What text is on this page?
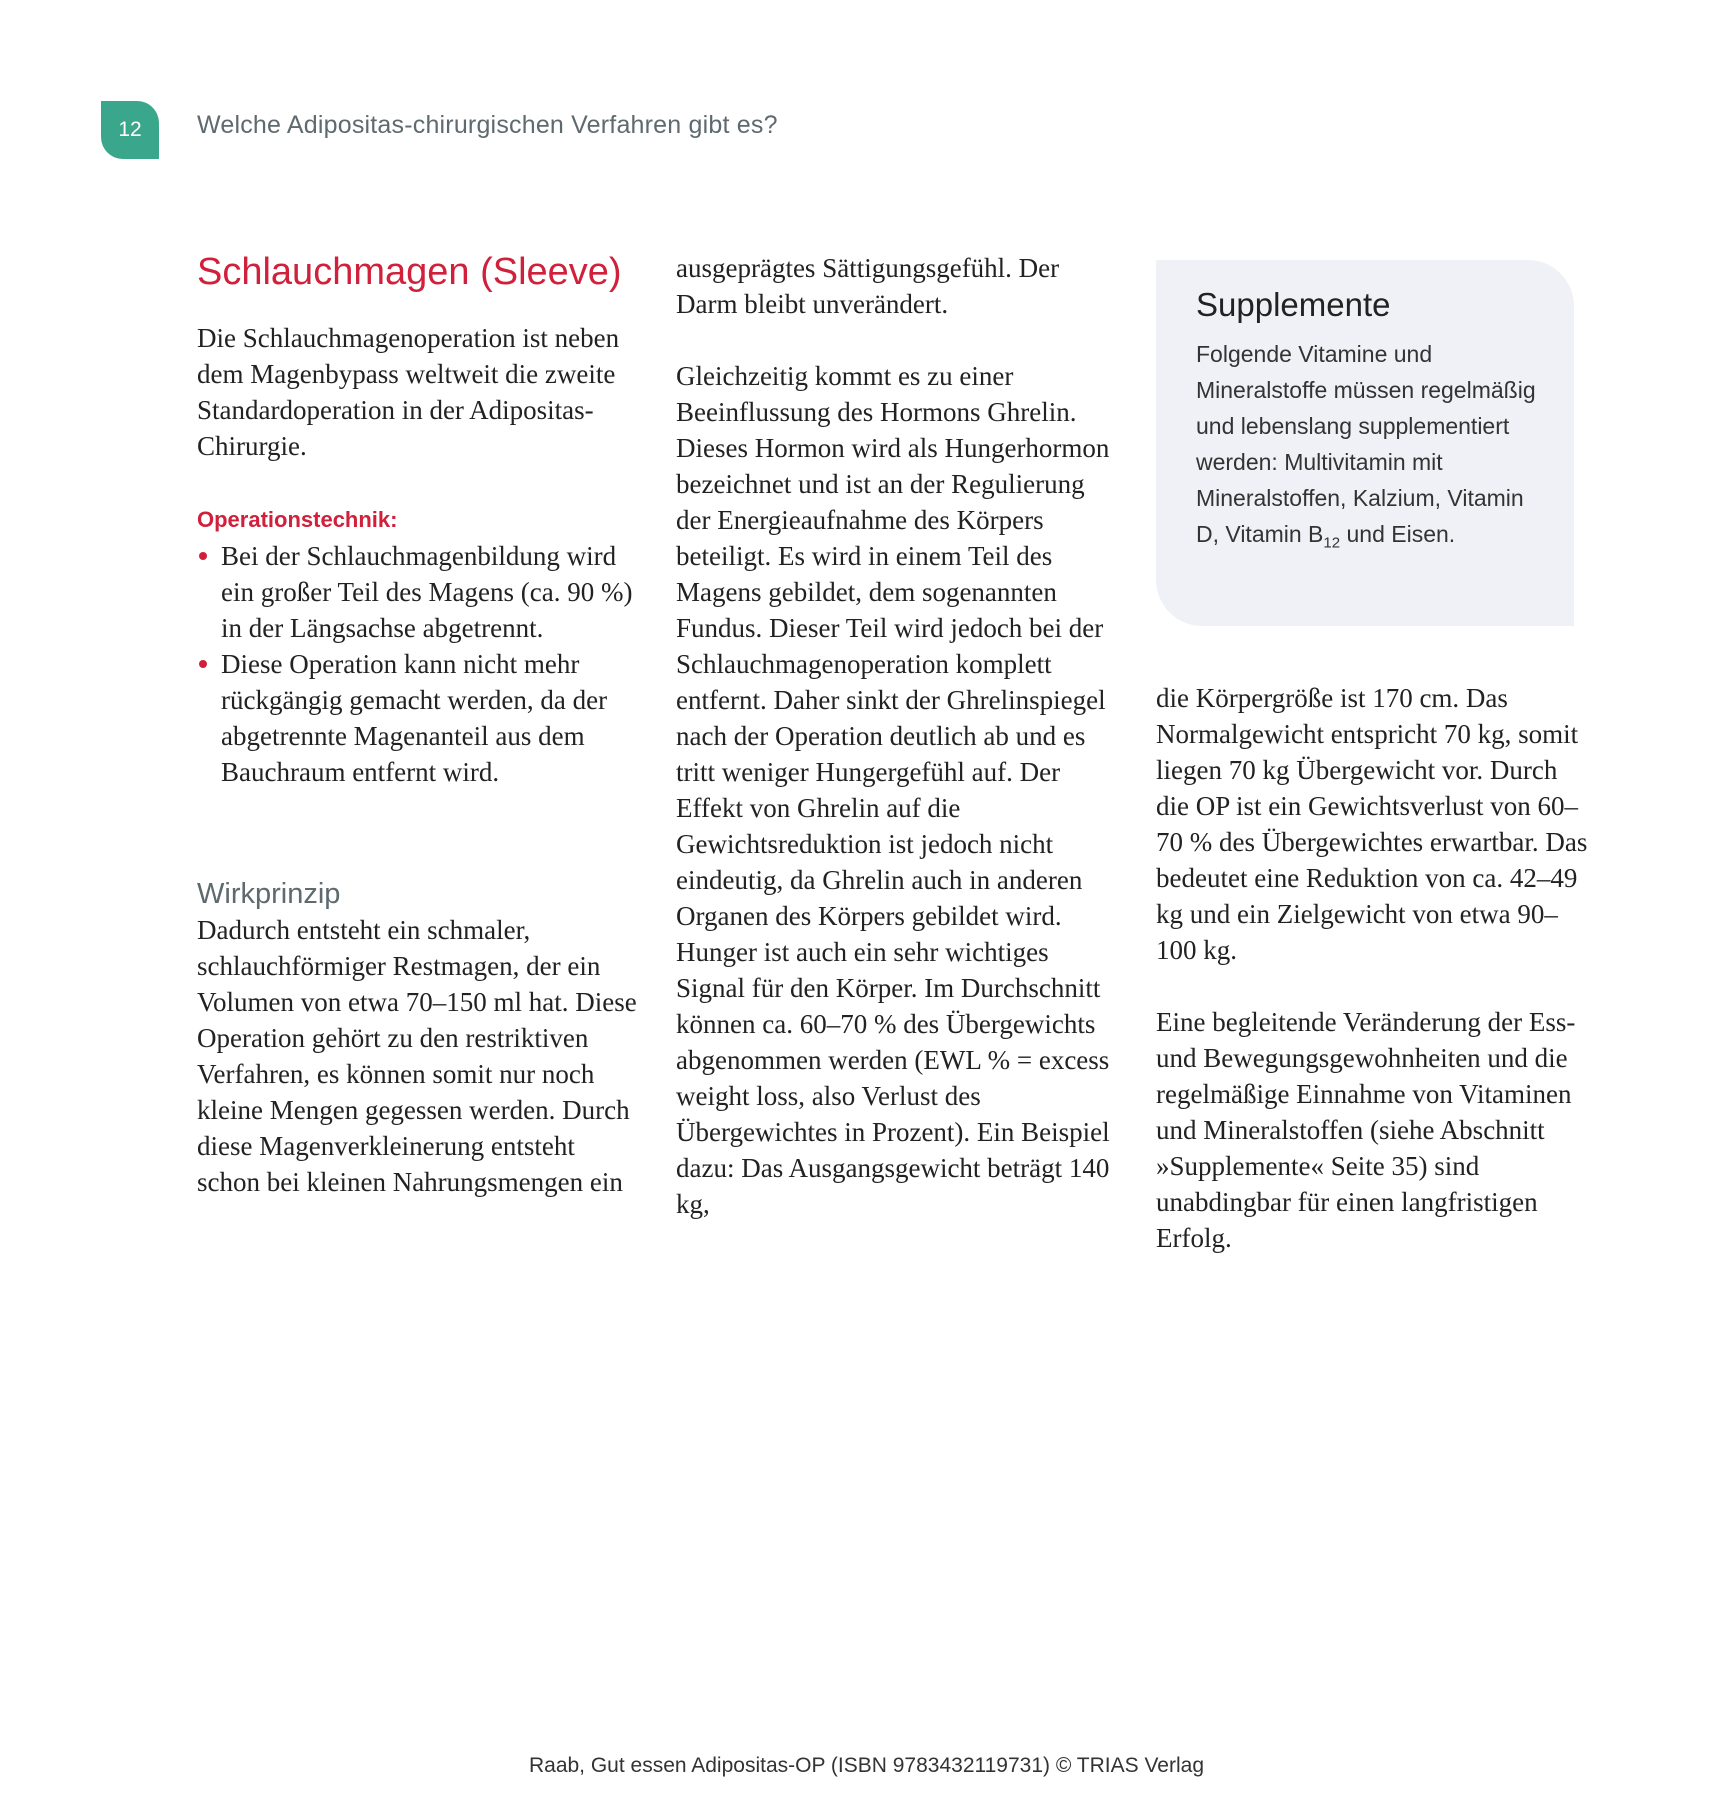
12	Welche Adipositas-chirurgischen Verfahren gibt es?
Schlauchmagen (Sleeve)

Die Schlauchmagenoperation ist neben dem Magenbypass weltweit die zweite Standardoperation in der Adipositas-Chirurgie.

Operationstechnik:
Bei der Schlauchmagenbildung wird ein großer Teil des Magens (ca. 90 %) in der Längsachse abgetrennt.
Diese Operation kann nicht mehr rückgängig gemacht werden, da der abgetrennte Magenanteil aus dem Bauchraum entfernt wird.
Wirkprinzip

Dadurch entsteht ein schmaler, schlauchförmiger Restmagen, der ein Volumen von etwa 70–150 ml hat. Diese Operation gehört zu den restriktiven Verfahren, es können somit nur noch kleine Mengen gegessen werden. Durch diese Magenverkleinerung entsteht schon bei kleinen Nahrungsmengen ein

ausgeprägtes Sättigungsgefühl. Der Darm bleibt unverändert.

Gleichzeitig kommt es zu einer Beeinflussung des Hormons Ghrelin. Dieses Hormon wird als Hungerhormon bezeichnet und ist an der Regulierung der Energieaufnahme des Körpers beteiligt. Es wird in einem Teil des Magens gebildet, dem sogenannten Fundus. Dieser Teil wird jedoch bei der Schlauchmagenoperation komplett entfernt. Daher sinkt der Ghrelinspiegel nach der Operation deutlich ab und es tritt weniger Hungergefühl auf. Der Effekt von Ghrelin auf die Gewichtsreduktion ist jedoch nicht eindeutig, da Ghrelin auch in anderen Organen des Körpers gebildet wird. Hunger ist auch ein sehr wichtiges Signal für den Körper. Im Durchschnitt können ca. 60–70 % des Übergewichts abgenommen werden (EWL % = excess weight loss, also Verlust des Übergewichtes in Prozent). Ein Beispiel dazu: Das Ausgangsgewicht beträgt 140 kg,

Supplemente
Folgende Vitamine und Mineralstoffe müssen regelmäßig und lebenslang supplementiert werden: Multivitamin mit Mineralstoffen, Kalzium, Vitamin D, Vitamin $B_{12}$ und Eisen.

die Körpergröße ist 170 cm. Das Normalgewicht entspricht 70 kg, somit liegen 70 kg Übergewicht vor. Durch die OP ist ein Gewichtsverlust von 60–70 % des Übergewichtes erwartbar. Das bedeutet eine Reduktion von ca. 42–49 kg und ein Zielgewicht von etwa 90–100 kg.

Eine begleitende Veränderung der Ess- und Bewegungsgewohnheiten und die regelmäßige Einnahme von Vitaminen und Mineralstoffen (siehe Abschnitt »Supplemente« Seite 35) sind unabdingbar für einen langfristigen Erfolg.

Raab, Gut essen Adipositas-OP (ISBN 9783432119731) © TRIAS Verlag
